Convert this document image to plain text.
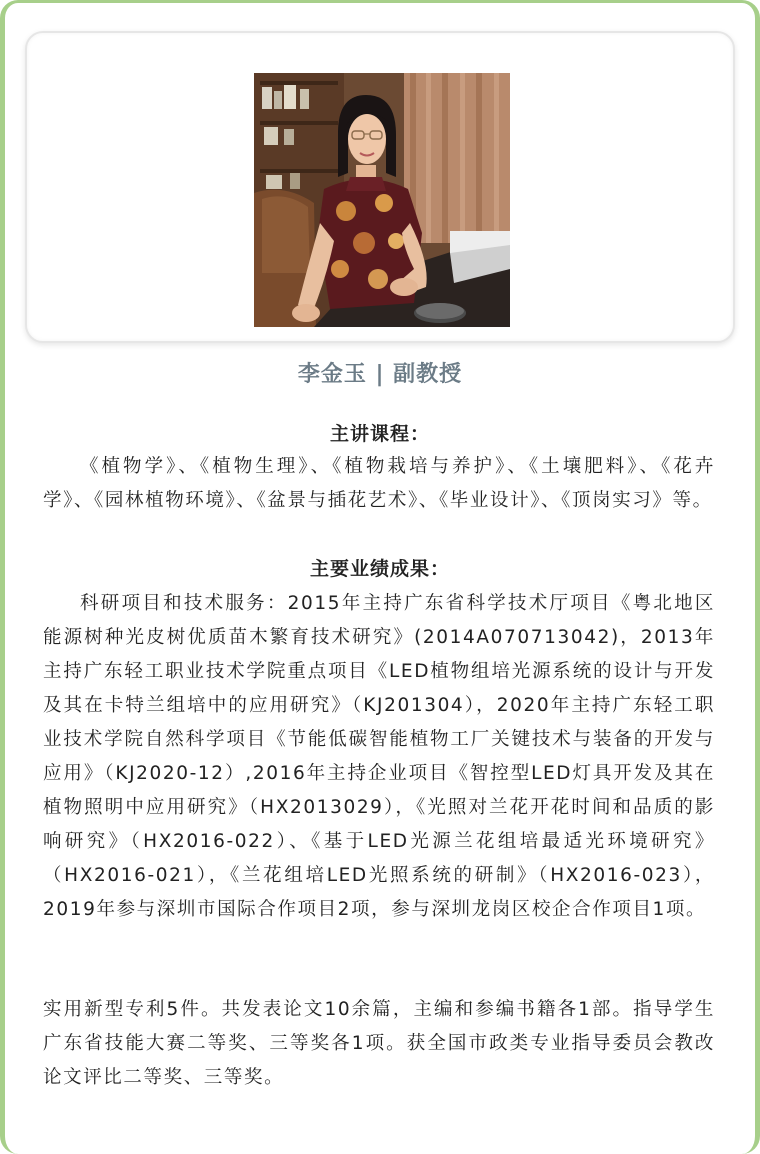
李金玉 | 副教授
主讲课程：
《植物学》、《植物生理》、《植物栽培与养护》、《土壤肥料》、《花卉学》、《园林植物环境》、《盆景与插花艺术》、《毕业设计》、《顶岗实习》等。
主要业绩成果：
科研项目和技术服务：2015年主持广东省科学技术厅项目《粤北地区能源树种光皮树优质苗木繁育技术研究》(2014A070713042)，2013年主持广东轻工职业技术学院重点项目《LED植物组培光源系统的设计与开发及其在卡特兰组培中的应用研究》（KJ201304），2020年主持广东轻工职业技术学院自然科学项目《节能低碳智能植物工厂关键技术与装备的开发与应用》（KJ2020-12）,2016年主持企业项目《智控型LED灯具开发及其在植物照明中应用研究》（HX2013029），《光照对兰花开花时间和品质的影响研究》（HX2016-022）、《基于LED光源兰花组培最适光环境研究》（HX2016-021），《兰花组培LED光照系统的研制》（HX2016-023），2019年参与深圳市国际合作项目2项，参与深圳龙岗区校企合作项目1项。
实用新型专利5件。共发表论文10余篇，主编和参编书籍各1部。指导学生广东省技能大赛二等奖、三等奖各1项。获全国市政类专业指导委员会教改论文评比二等奖、三等奖。
